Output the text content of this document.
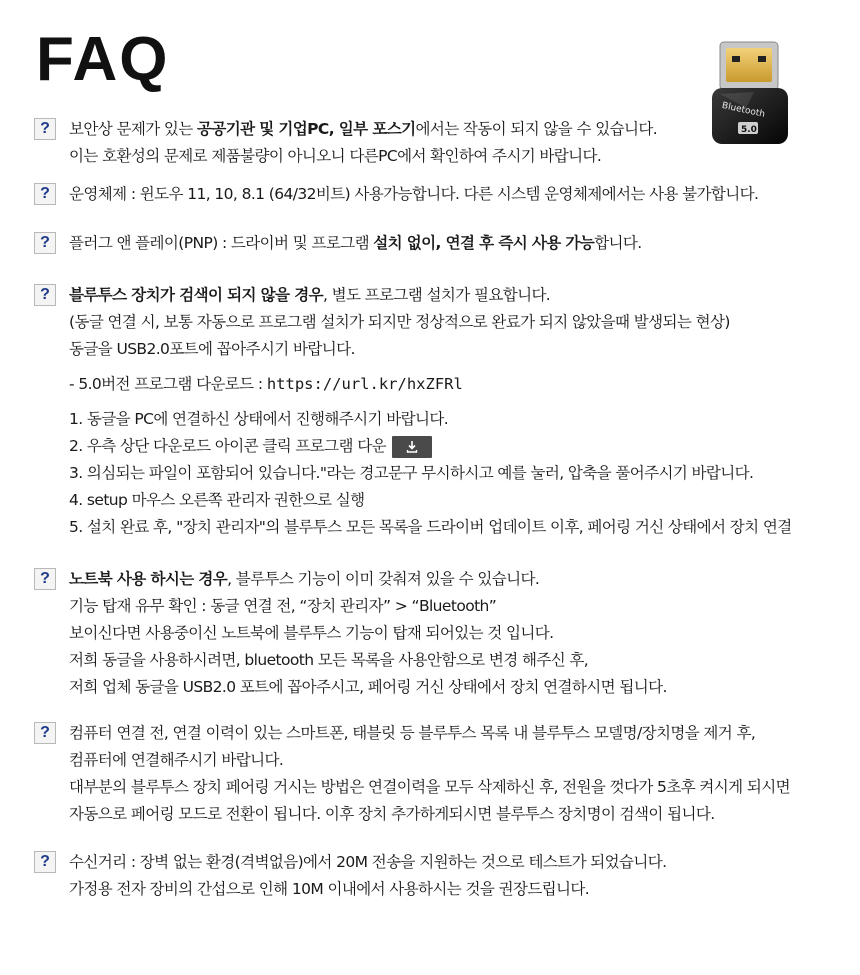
FAQ
Bluetooth
5.0
?	보안상 문제가 있는 공공기관 및 기업PC, 일부 포스기에서는 작동이 되지 않을 수 있습니다.
이는 호환성의 문제로 제품불량이 아니오니 다른PC에서 확인하여 주시기 바랍니다.
?	운영체제 : 윈도우 11, 10, 8.1 (64/32비트) 사용가능합니다. 다른 시스템 운영체제에서는 사용 불가합니다.
?	플러그 앤 플레이(PNP) : 드라이버 및 프로그램 설치 없이, 연결 후 즉시 사용 가능합니다.
?	블루투스 장치가 검색이 되지 않을 경우, 별도 프로그램 설치가 필요합니다.
(동글 연결 시, 보통 자동으로 프로그램 설치가 되지만 정상적으로 완료가 되지 않았을때 발생되는 현상)
동글을 USB2.0포트에 꼽아주시기 바랍니다.
- 5.0버전 프로그램 다운로드 : https://url.kr/hxZFRl
1. 동글을 PC에 연결하신 상태에서 진행해주시기 바랍니다.
2. 우측 상단 다운로드 아이콘 클릭 프로그램 다운
3. 의심되는 파일이 포함되어 있습니다."라는 경고문구 무시하시고 예를 눌러, 압축을 풀어주시기 바랍니다.
4. setup 마우스 오른쪽 관리자 권한으로 실행
5. 설치 완료 후, "장치 관리자"의 블루투스 모든 목록을 드라이버 업데이트 이후, 페어링 거신 상태에서 장치 연결
?	노트북 사용 하시는 경우, 블루투스 기능이 이미 갖춰져 있을 수 있습니다.
기능 탑재 유무 확인 : 동글 연결 전, “장치 관리자” > “Bluetooth”
보이신다면 사용중이신 노트북에 블루투스 기능이 탑재 되어있는 것 입니다.
저희 동글을 사용하시려면, bluetooth 모든 목록을 사용안함으로 변경 해주신 후,
저희 업체 동글을 USB2.0 포트에 꼽아주시고, 페어링 거신 상태에서 장치 연결하시면 됩니다.
?	컴퓨터 연결 전, 연결 이력이 있는 스마트폰, 태블릿 등 블루투스 목록 내 블루투스 모델명/장치명을 제거 후,
컴퓨터에 연결해주시기 바랍니다.
대부분의 블루투스 장치 페어링 거시는 방법은 연결이력을 모두 삭제하신 후, 전원을 껏다가 5초후 켜시게 되시면
자동으로 페어링 모드로 전환이 됩니다. 이후 장치 추가하게되시면 블루투스 장치명이 검색이 됩니다.
?	수신거리 : 장벽 없는 환경(격벽없음)에서 20M 전송을 지원하는 것으로 테스트가 되었습니다.
가정용 전자 장비의 간섭으로 인해 10M 이내에서 사용하시는 것을 권장드립니다.
